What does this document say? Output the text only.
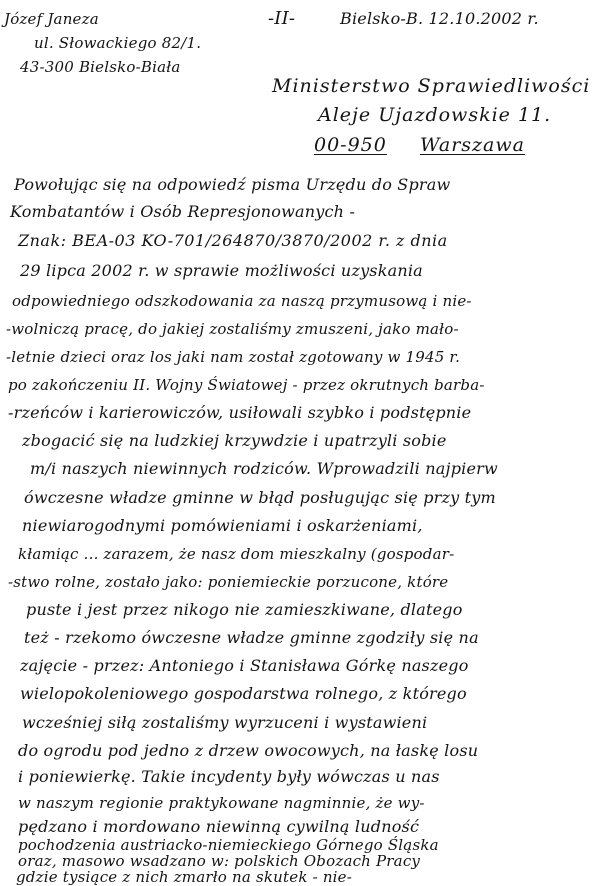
Józef Janeza
ul. Słowackiego 82/1.
43-300 Bielsko-Biała
-II-	Bielsko-B. 12.10.2002 r.
Ministerstwo Sprawiedliwości
Aleje Ujazdowskie 11.
00-950 Warszawa
Powołując się na odpowiedź pisma Urzędu do Spraw
Kombatantów i Osób Represjonowanych -
Znak: BEA-03 KO-701/264870/3870/2002 r. z dnia
29 lipca 2002 r. w sprawie możliwości uzyskania
odpowiedniego odszkodowania za naszą przymusową i nie-
-wolniczą pracę, do jakiej zostaliśmy zmuszeni, jako mało-
-letnie dzieci oraz los jaki nam został zgotowany w 1945 r.
po zakończeniu II. Wojny Światowej - przez okrutnych barba-
-rzeńców i karierowiczów, usiłowali szybko i podstępnie
zbogacić się na ludzkiej krzywdzie i upatrzyli sobie
m/i naszych niewinnych rodziców. Wprowadzili najpierw
ówczesne władze gminne w błąd posługując się przy tym
niewiarogodnymi pomówieniami i oskarżeniami,
kłamiąc ... zarazem, że nasz dom mieszkalny (gospodar-
-stwo rolne, zostało jako: poniemieckie porzucone, które
puste i jest przez nikogo nie zamieszkiwane, dlatego
też - rzekomo ówczesne władze gminne zgodziły się na
zajęcie - przez: Antoniego i Stanisława Górkę naszego
wielopokoleniowego gospodarstwa rolnego, z którego
wcześniej siłą zostaliśmy wyrzuceni i wystawieni
do ogrodu pod jedno z drzew owocowych, na łaskę losu
i poniewierkę. Takie incydenty były wówczas u nas
w naszym regionie praktykowane nagminnie, że wy-
pędzano i mordowano niewinną cywilną ludność
pochodzenia austriacko-niemieckiego Górnego Śląska
oraz, masowo wsadzano w: polskich Obozach Pracy
gdzie tysiące z nich zmarło na skutek - nie-
